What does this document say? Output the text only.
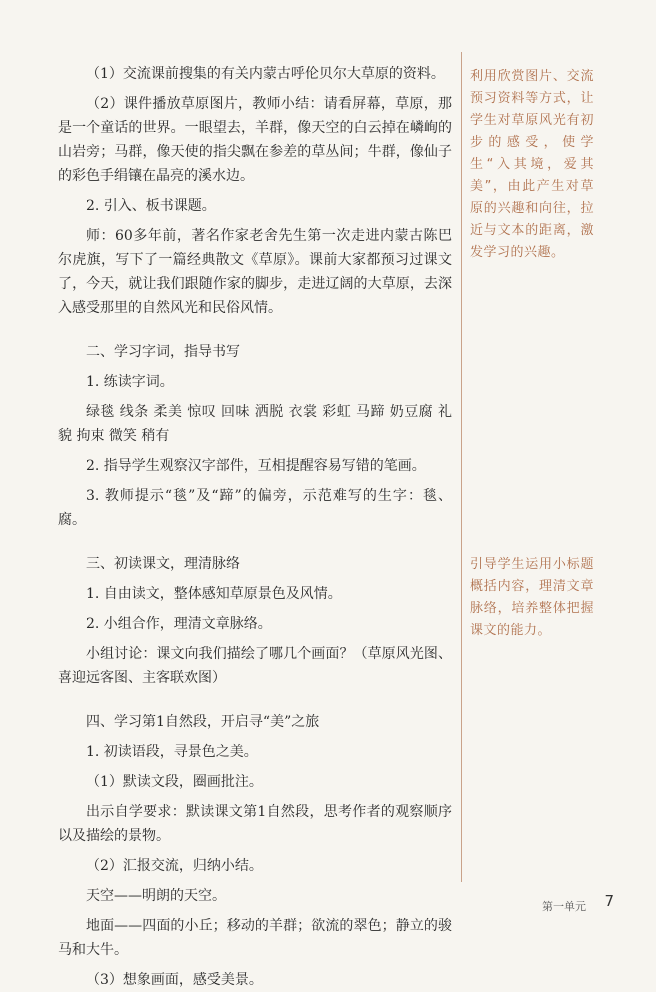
（1）交流课前搜集的有关内蒙古呼伦贝尔大草原的资料。

（2）课件播放草原图片，教师小结：请看屏幕，草原，那是一个童话的世界。一眼望去，羊群，像天空的白云掉在嶙峋的山岩旁；马群，像天使的指尖飘在参差的草丛间；牛群，像仙子的彩色手绢镶在晶亮的溪水边。

2. 引入、板书课题。

师：60多年前，著名作家老舍先生第一次走进内蒙古陈巴尔虎旗，写下了一篇经典散文《草原》。课前大家都预习过课文了，今天，就让我们跟随作家的脚步，走进辽阔的大草原，去深入感受那里的自然风光和民俗风情。

二、学习字词，指导书写

1. 练读字词。

绿毯 线条 柔美 惊叹 回味 洒脱 衣裳 彩虹 马蹄 奶豆腐 礼貌 拘束 微笑 稍有

2. 指导学生观察汉字部件，互相提醒容易写错的笔画。

3. 教师提示“毯”及“蹄”的偏旁，示范难写的生字：毯、腐。

三、初读课文，理清脉络

1. 自由读文，整体感知草原景色及风情。

2. 小组合作，理清文章脉络。

小组讨论：课文向我们描绘了哪几个画面？（草原风光图、喜迎远客图、主客联欢图）

四、学习第1自然段，开启寻“美”之旅

1. 初读语段，寻景色之美。

（1）默读文段，圈画批注。

出示自学要求：默读课文第1自然段，思考作者的观察顺序以及描绘的景物。

（2）汇报交流，归纳小结。

天空——明朗的天空。

地面——四面的小丘；移动的羊群；欲流的翠色；静立的骏马和大牛。

（3）想象画面，感受美景。

利用欣赏图片、交流预习资料等方式，让学生对草原风光有初步的感受，使学生“入其境，爱其美”，由此产生对草原的兴趣和向往，拉近与文本的距离，激发学习的兴趣。
引导学生运用小标题概括内容，理清文章脉络，培养整体把握课文的能力。
第一单元 7
